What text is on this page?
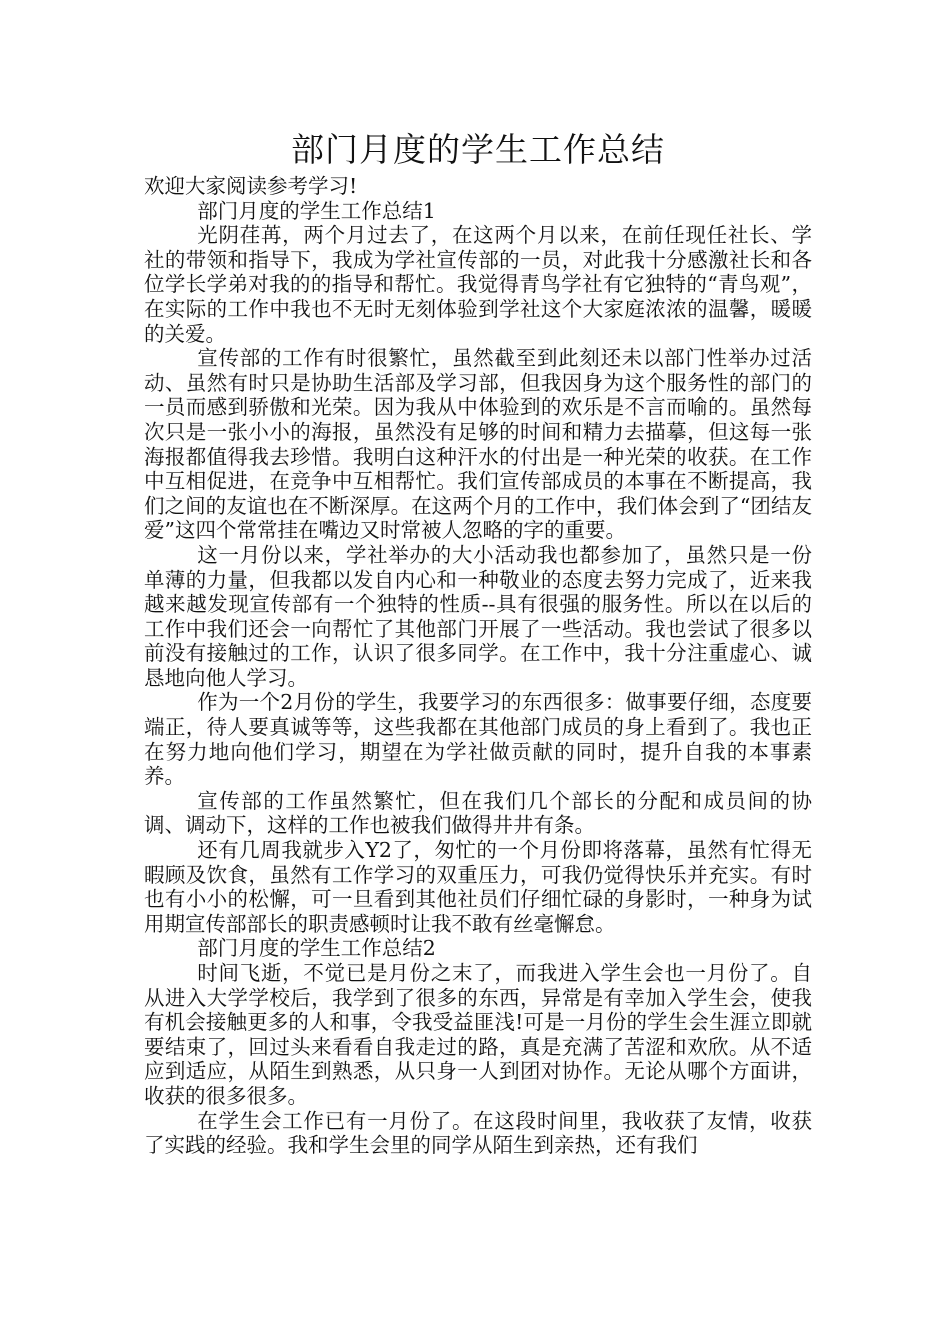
部门月度的学生工作总结

欢迎大家阅读参考学习!

部门月度的学生工作总结1

光阴荏苒，两个月过去了，在这两个月以来，在前任现任社长、学社的带领和指导下，我成为学社宣传部的一员，对此我十分感激社长和各位学长学弟对我的的指导和帮忙。我觉得青鸟学社有它独特的“青鸟观”，在实际的工作中我也不无时无刻体验到学社这个大家庭浓浓的温馨，暖暖的关爱。

宣传部的工作有时很繁忙，虽然截至到此刻还未以部门性举办过活动、虽然有时只是协助生活部及学习部，但我因身为这个服务性的部门的一员而感到骄傲和光荣。因为我从中体验到的欢乐是不言而喻的。虽然每次只是一张小小的海报，虽然没有足够的时间和精力去描摹，但这每一张海报都值得我去珍惜。我明白这种汗水的付出是一种光荣的收获。在工作中互相促进，在竞争中互相帮忙。我们宣传部成员的本事在不断提高，我们之间的友谊也在不断深厚。在这两个月的工作中，我们体会到了“团结友爱”这四个常常挂在嘴边又时常被人忽略的字的重要。

这一月份以来，学社举办的大小活动我也都参加了，虽然只是一份单薄的力量，但我都以发自内心和一种敬业的态度去努力完成了，近来我越来越发现宣传部有一个独特的性质--具有很强的服务性。所以在以后的工作中我们还会一向帮忙了其他部门开展了一些活动。我也尝试了很多以前没有接触过的工作，认识了很多同学。在工作中，我十分注重虚心、诚恳地向他人学习。

作为一个2月份的学生，我要学习的东西很多：做事要仔细，态度要端正，待人要真诚等等，这些我都在其他部门成员的身上看到了。我也正在努力地向他们学习，期望在为学社做贡献的同时，提升自我的本事素养。

宣传部的工作虽然繁忙，但在我们几个部长的分配和成员间的协调、调动下，这样的工作也被我们做得井井有条。

还有几周我就步入Y2了，匆忙的一个月份即将落幕，虽然有忙得无暇顾及饮食，虽然有工作学习的双重压力，可我仍觉得快乐并充实。有时也有小小的松懈，可一旦看到其他社员们仔细忙碌的身影时，一种身为试用期宣传部部长的职责感顿时让我不敢有丝毫懈怠。

部门月度的学生工作总结2

时间飞逝，不觉已是月份之末了，而我进入学生会也一月份了。自从进入大学学校后，我学到了很多的东西，异常是有幸加入学生会，使我有机会接触更多的人和事，令我受益匪浅!可是一月份的学生会生涯立即就要结束了，回过头来看看自我走过的路，真是充满了苦涩和欢欣。从不适应到适应，从陌生到熟悉，从只身一人到团对协作。无论从哪个方面讲，收获的很多很多。

在学生会工作已有一月份了。在这段时间里，我收获了友情，收获了实践的经验。我和学生会里的同学从陌生到亲热，还有我们
